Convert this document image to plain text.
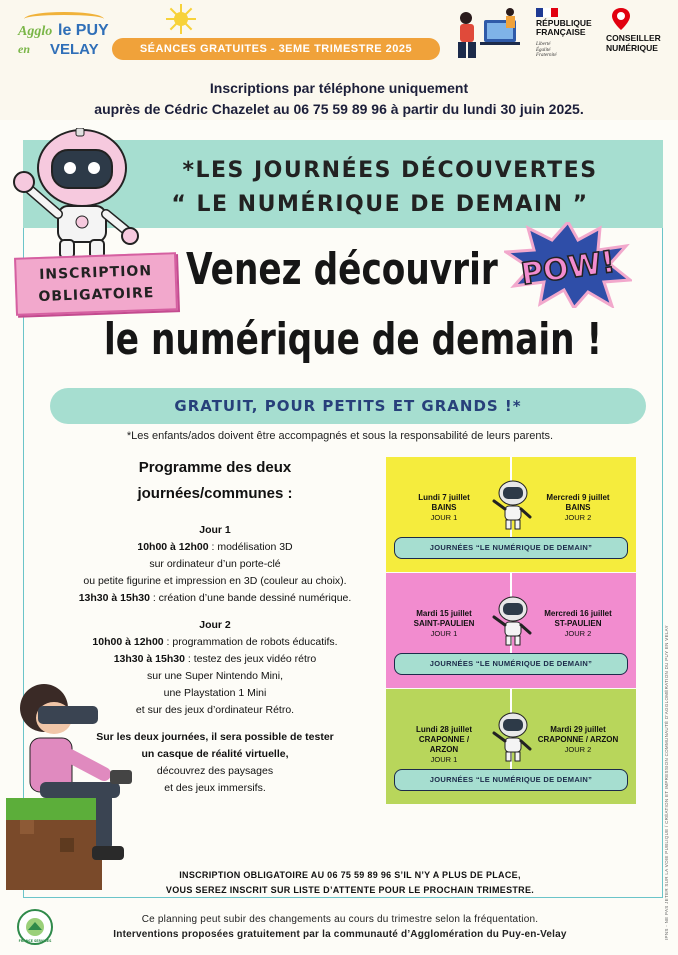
Agglo le PUY
en VELAY	SÉANCES GRATUITES - 3EME TRIMESTRE 2025
RÉPUBLIQUE
FRANÇAISE
Liberté
Égalité
Fraternité
CONSEILLER
NUMÉRIQUE
Inscriptions par téléphone uniquement
auprès de Cédric Chazelet au 06 75 59 89 96 à partir du lundi 30 juin 2025.
*LES JOURNÉES DÉCOUVERTES
“ LE NUMÉRIQUE DE DEMAIN ”
INSCRIPTION
OBLIGATOIRE Venez découvrir
le numérique de demain !
POW!
GRATUIT, POUR PETITS ET GRANDS !*
*Les enfants/ados doivent être accompagnés et sous la responsabilité de leurs parents.
Programme des deux
journées/communes :
Jour 1
10h00 à 12h00 : modélisation 3D
sur ordinateur d’un porte-clé
ou petite figurine et impression en 3D (couleur au choix).
13h30 à 15h30 : création d’une bande dessiné numérique.
Jour 2
10h00 à 12h00 : programmation de robots éducatifs.
13h30 à 15h30 : testez des jeux vidéo rétro
sur une Super Nintendo Mini,
une Playstation 1 Mini
et sur des jeux d’ordinateur Rétro.
Sur les deux journées, il sera possible de tester
un casque de réalité virtuelle,
découvrez des paysages
et des jeux immersifs.
Lundi 7 juillet
BAINS
JOUR 1
Mercredi 9 juillet
BAINS
JOUR 2
JOURNÉES “LE NUMÉRIQUE DE DEMAIN”
Mardi 15 juillet
SAINT-PAULIEN
JOUR 1
Mercredi 16 juillet
ST-PAULIEN
JOUR 2
JOURNÉES “LE NUMÉRIQUE DE DEMAIN”
Lundi 28 juillet
CRAPONNE / ARZON
JOUR 1
Mardi 29 juillet
CRAPONNE / ARZON
JOUR 2
JOURNÉES “LE NUMÉRIQUE DE DEMAIN”
INSCRIPTION OBLIGATOIRE AU 06 75 59 89 96 S’IL N’Y A PLUS DE PLACE,
VOUS SEREZ INSCRIT SUR LISTE D’ATTENTE POUR LE PROCHAIN TRIMESTRE.
FRANCE SERVICES
Ce planning peut subir des changements au cours du trimestre selon la fréquentation.
Interventions proposées gratuitement par la communauté d’Agglomération du Puy-en-Velay	IPNS - NE PAS JETER SUR LA VOIE PUBLIQUE / CRÉATION ET IMPRESSION COMMUNAUTÉ D’AGGLOMÉRATION DU PUY EN VELAY
